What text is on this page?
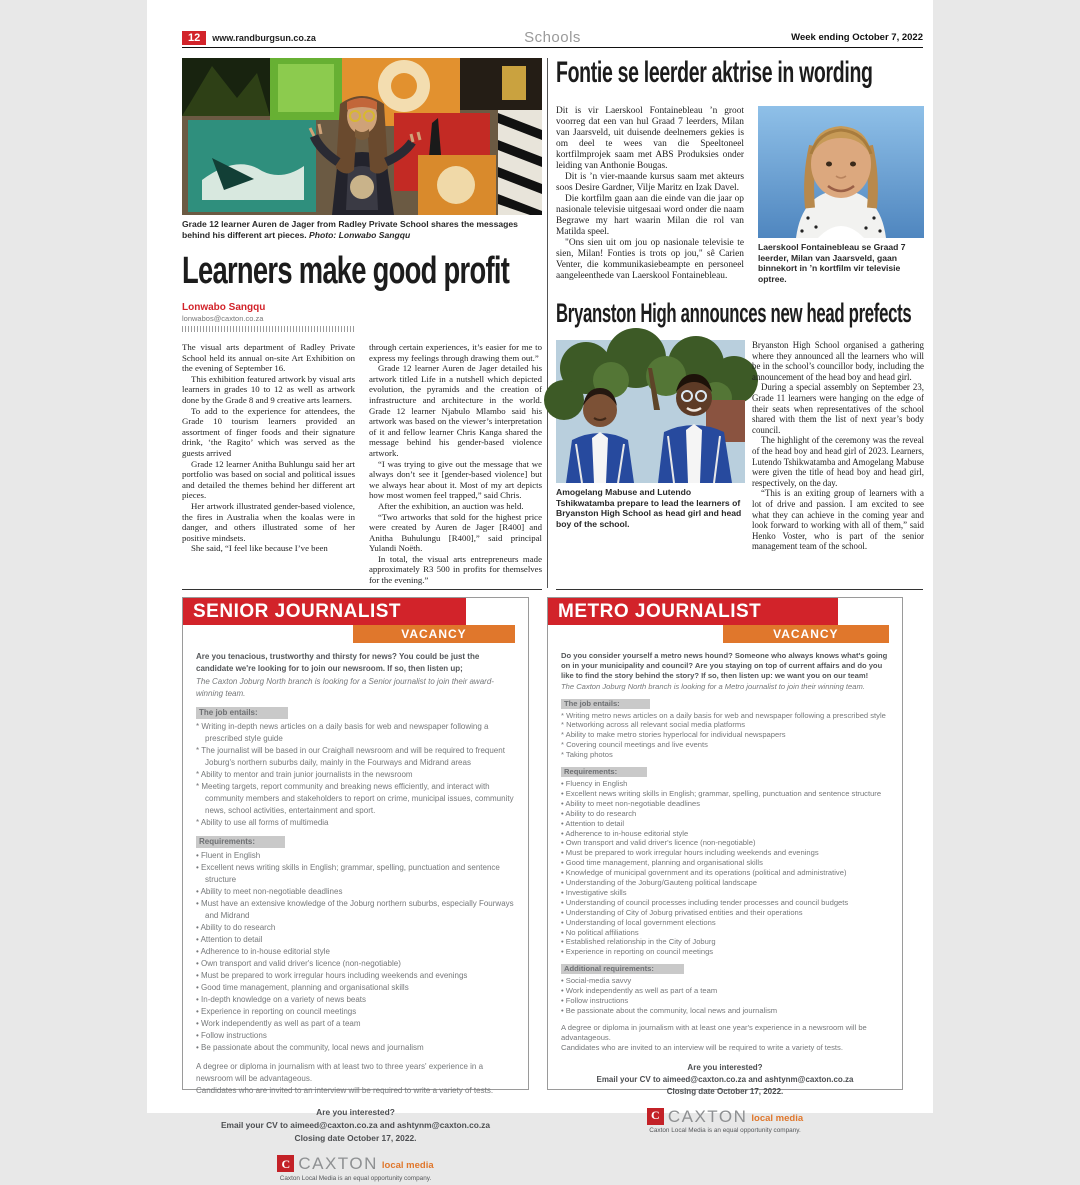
12	www.randburgsun.co.za	Schools	Week ending October 7, 2022
Grade 12 learner Auren de Jager from Radley Private School shares the messages behind his different art pieces. Photo: Lonwabo Sangqu
Learners make good profit
Lonwabo Sangqu
lonwabos@caxton.co.za
The visual arts department of Radley Private School held its annual on-site Art Exhibition on the evening of September 16.
This exhibition featured artwork by visual arts learners in grades 10 to 12 as well as artwork done by the Grade 8 and 9 creative arts learners.
To add to the experience for attendees, the Grade 10 tourism learners provided an assortment of finger foods and their signature drink, ‘the Ragito’ which was served as the guests arrived
Grade 12 learner Anitha Buhlungu said her art portfolio was based on social and political issues and detailed the themes behind her different art pieces.
Her artwork illustrated gender-based violence, the fires in Australia when the koalas were in danger, and others illustrated some of her positive mindsets.
She said, “I feel like because I’ve been
through certain experiences, it’s easier for me to express my feelings through drawing them out.”
Grade 12 learner Auren de Jager detailed his artwork titled Life in a nutshell which depicted evolution, the pyramids and the creation of infrastructure and architecture in the world. Grade 12 learner Njabulo Mlambo said his artwork was based on the viewer’s interpretation of it and fellow learner Chris Kanga shared the message behind his gender-based violence artwork.
“I was trying to give out the message that we always don’t see it [gender-based violence] but we always hear about it. Most of my art depicts how most women feel trapped,” said Chris.
After the exhibition, an auction was held.
“Two artworks that sold for the highest price were created by Auren de Jager [R400] and Anitha Buhulungu [R400],” said principal Yulandi Noëth.
In total, the visual arts entrepreneurs made approximately R3 500 in profits for themselves for the evening.”
Fontie se leerder aktrise in wording
Dit is vir Laerskool Fontainebleau ’n groot voorreg dat een van hul Graad 7 leerders, Milan van Jaarsveld, uit duisende deelnemers gekies is om deel te wees van die Speeltoneel kortfilmprojek saam met ABS Produksies onder leiding van Anthonie Bougas.
Dit is ’n vier-maande kursus saam met akteurs soos Desire Gardner, Vilje Maritz en Izak Davel.
Die kortfilm gaan aan die einde van die jaar op nasionale televisie uitgesaai word onder die naam Begrawe my hart waarin Milan die rol van Matilda speel.
"Ons sien uit om jou op nasionale televisie te sien, Milan! Fonties is trots op jou," sê Carien Venter, die kommunikasiebeampte en personeel aangeleenthede van Laerskool Fontainebleau.
Laerskool Fontainebleau se Graad 7 leerder, Milan van Jaarsveld, gaan binnekort in ’n kortfilm vir televisie optree.
Bryanston High announces new head prefects
Amogelang Mabuse and Lutendo Tshikwatamba prepare to lead the learners of Bryanston High School as head girl and head boy of the school.
Bryanston High School organised a gathering where they announced all the learners who will be in the school’s councillor body, including the announcement of the head boy and head girl.
During a special assembly on September 23, Grade 11 learners were hanging on the edge of their seats when representatives of the school shared with them the list of next year’s body council.
The highlight of the ceremony was the reveal of the head boy and head girl of 2023. Learners, Lutendo Tshikwatamba and Amogelang Mabuse were given the title of head boy and head girl, respectively, on the day.
“This is an exiting group of learners with a lot of drive and passion. I am excited to see what they can achieve in the coming year and look forward to working with all of them,” said Henko Voster, who is part of the senior management team of the school.
SENIOR JOURNALIST
VACANCY
Are you tenacious, trustworthy and thirsty for news? You could be just the candidate we're looking for to join our newsroom. If so, then listen up;
The Caxton Joburg North branch is looking for a Senior journalist to join their award-winning team.
The job entails:
* Writing in-depth news articles on a daily basis for web and newspaper following a prescribed style guide
* The journalist will be based in our Craighall newsroom and will be required to frequent Joburg's northern suburbs daily, mainly in the Fourways and Midrand areas
* Ability to mentor and train junior journalists in the newsroom
* Meeting targets, report community and breaking news efficiently, and interact with community members and stakeholders to report on crime, municipal issues, community news, school activities, entertainment and sport.
* Ability to use all forms of multimedia
Requirements:
• Fluent in English
• Excellent news writing skills in English; grammar, spelling, punctuation and sentence structure
• Ability to meet non-negotiable deadlines
• Must have an extensive knowledge of the Joburg northern suburbs, especially Fourways and Midrand
• Ability to do research
• Attention to detail
• Adherence to in-house editorial style
• Own transport and valid driver's licence (non-negotiable)
• Must be prepared to work irregular hours including weekends and evenings
• Good time management, planning and organisational skills
• In-depth knowledge on a variety of news beats
• Experience in reporting on council meetings
• Work independently as well as part of a team
• Follow instructions
• Be passionate about the community, local news and journalism
A degree or diploma in journalism with at least two to three years' experience in a newsroom will be advantageous.
Candidates who are invited to an interview will be required to write a variety of tests.
Are you interested?
Email your CV to aimeed@caxton.co.za and ashtynm@caxton.co.za
Closing date October 17, 2022.
C CAXTON local media
Caxton Local Media is an equal opportunity company.
METRO JOURNALIST
VACANCY
Do you consider yourself a metro news hound? Someone who always knows what's going on in your municipality and council? Are you staying on top of current affairs and do you like to find the story behind the story? If so, then listen up: we want you on our team!
The Caxton Joburg North branch is looking for a Metro journalist to join their winning team.
The job entails:
* Writing metro news articles on a daily basis for web and newspaper following a prescribed style
* Networking across all relevant social media platforms
* Ability to make metro stories hyperlocal for individual newspapers
* Covering council meetings and live events
* Taking photos
Requirements:
• Fluency in English
• Excellent news writing skills in English; grammar, spelling, punctuation and sentence structure
• Ability to meet non-negotiable deadlines
• Ability to do research
• Attention to detail
• Adherence to in-house editorial style
• Own transport and valid driver's licence (non-negotiable)
• Must be prepared to work irregular hours including weekends and evenings
• Good time management, planning and organisational skills
• Knowledge of municipal government and its operations (political and administrative)
• Understanding of the Joburg/Gauteng political landscape
• Investigative skills
• Understanding of council processes including tender processes and council budgets
• Understanding of City of Joburg privatised entities and their operations
• Understanding of local government elections
• No political affiliations
• Established relationship in the City of Joburg
• Experience in reporting on council meetings
Additional requirements:
• Social-media savvy
• Work independently as well as part of a team
• Follow instructions
• Be passionate about the community, local news and journalism
A degree or diploma in journalism with at least one year's experience in a newsroom will be advantageous.
Candidates who are invited to an interview will be required to write a variety of tests.
Are you interested?
Email your CV to aimeed@caxton.co.za and ashtynm@caxton.co.za
Closing date October 17, 2022.
C CAXTON local media
Caxton Local Media is an equal opportunity company.
